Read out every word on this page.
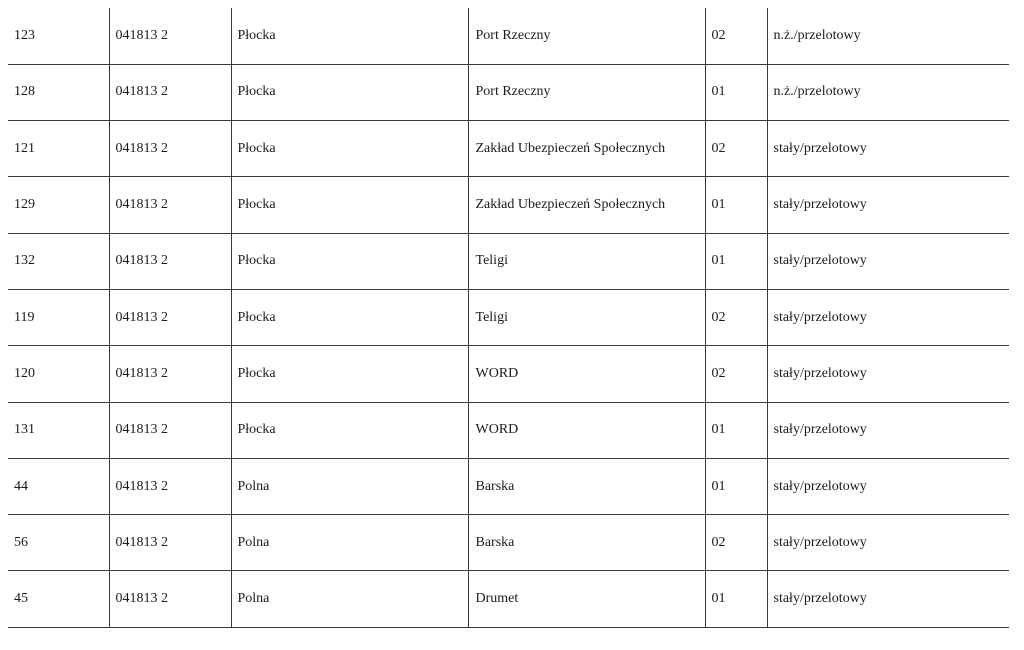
123	041813 2	Płocka	Port Rzeczny	02	n.ż./przelotowy
128	041813 2	Płocka	Port Rzeczny	01	n.ż./przelotowy
121	041813 2	Płocka	Zakład Ubezpieczeń Społecznych	02	stały/przelotowy
129	041813 2	Płocka	Zakład Ubezpieczeń Społecznych	01	stały/przelotowy
132	041813 2	Płocka	Teligi	01	stały/przelotowy
119	041813 2	Płocka	Teligi	02	stały/przelotowy
120	041813 2	Płocka	WORD	02	stały/przelotowy
131	041813 2	Płocka	WORD	01	stały/przelotowy
44	041813 2	Polna	Barska	01	stały/przelotowy
56	041813 2	Polna	Barska	02	stały/przelotowy
45	041813 2	Polna	Drumet	01	stały/przelotowy
